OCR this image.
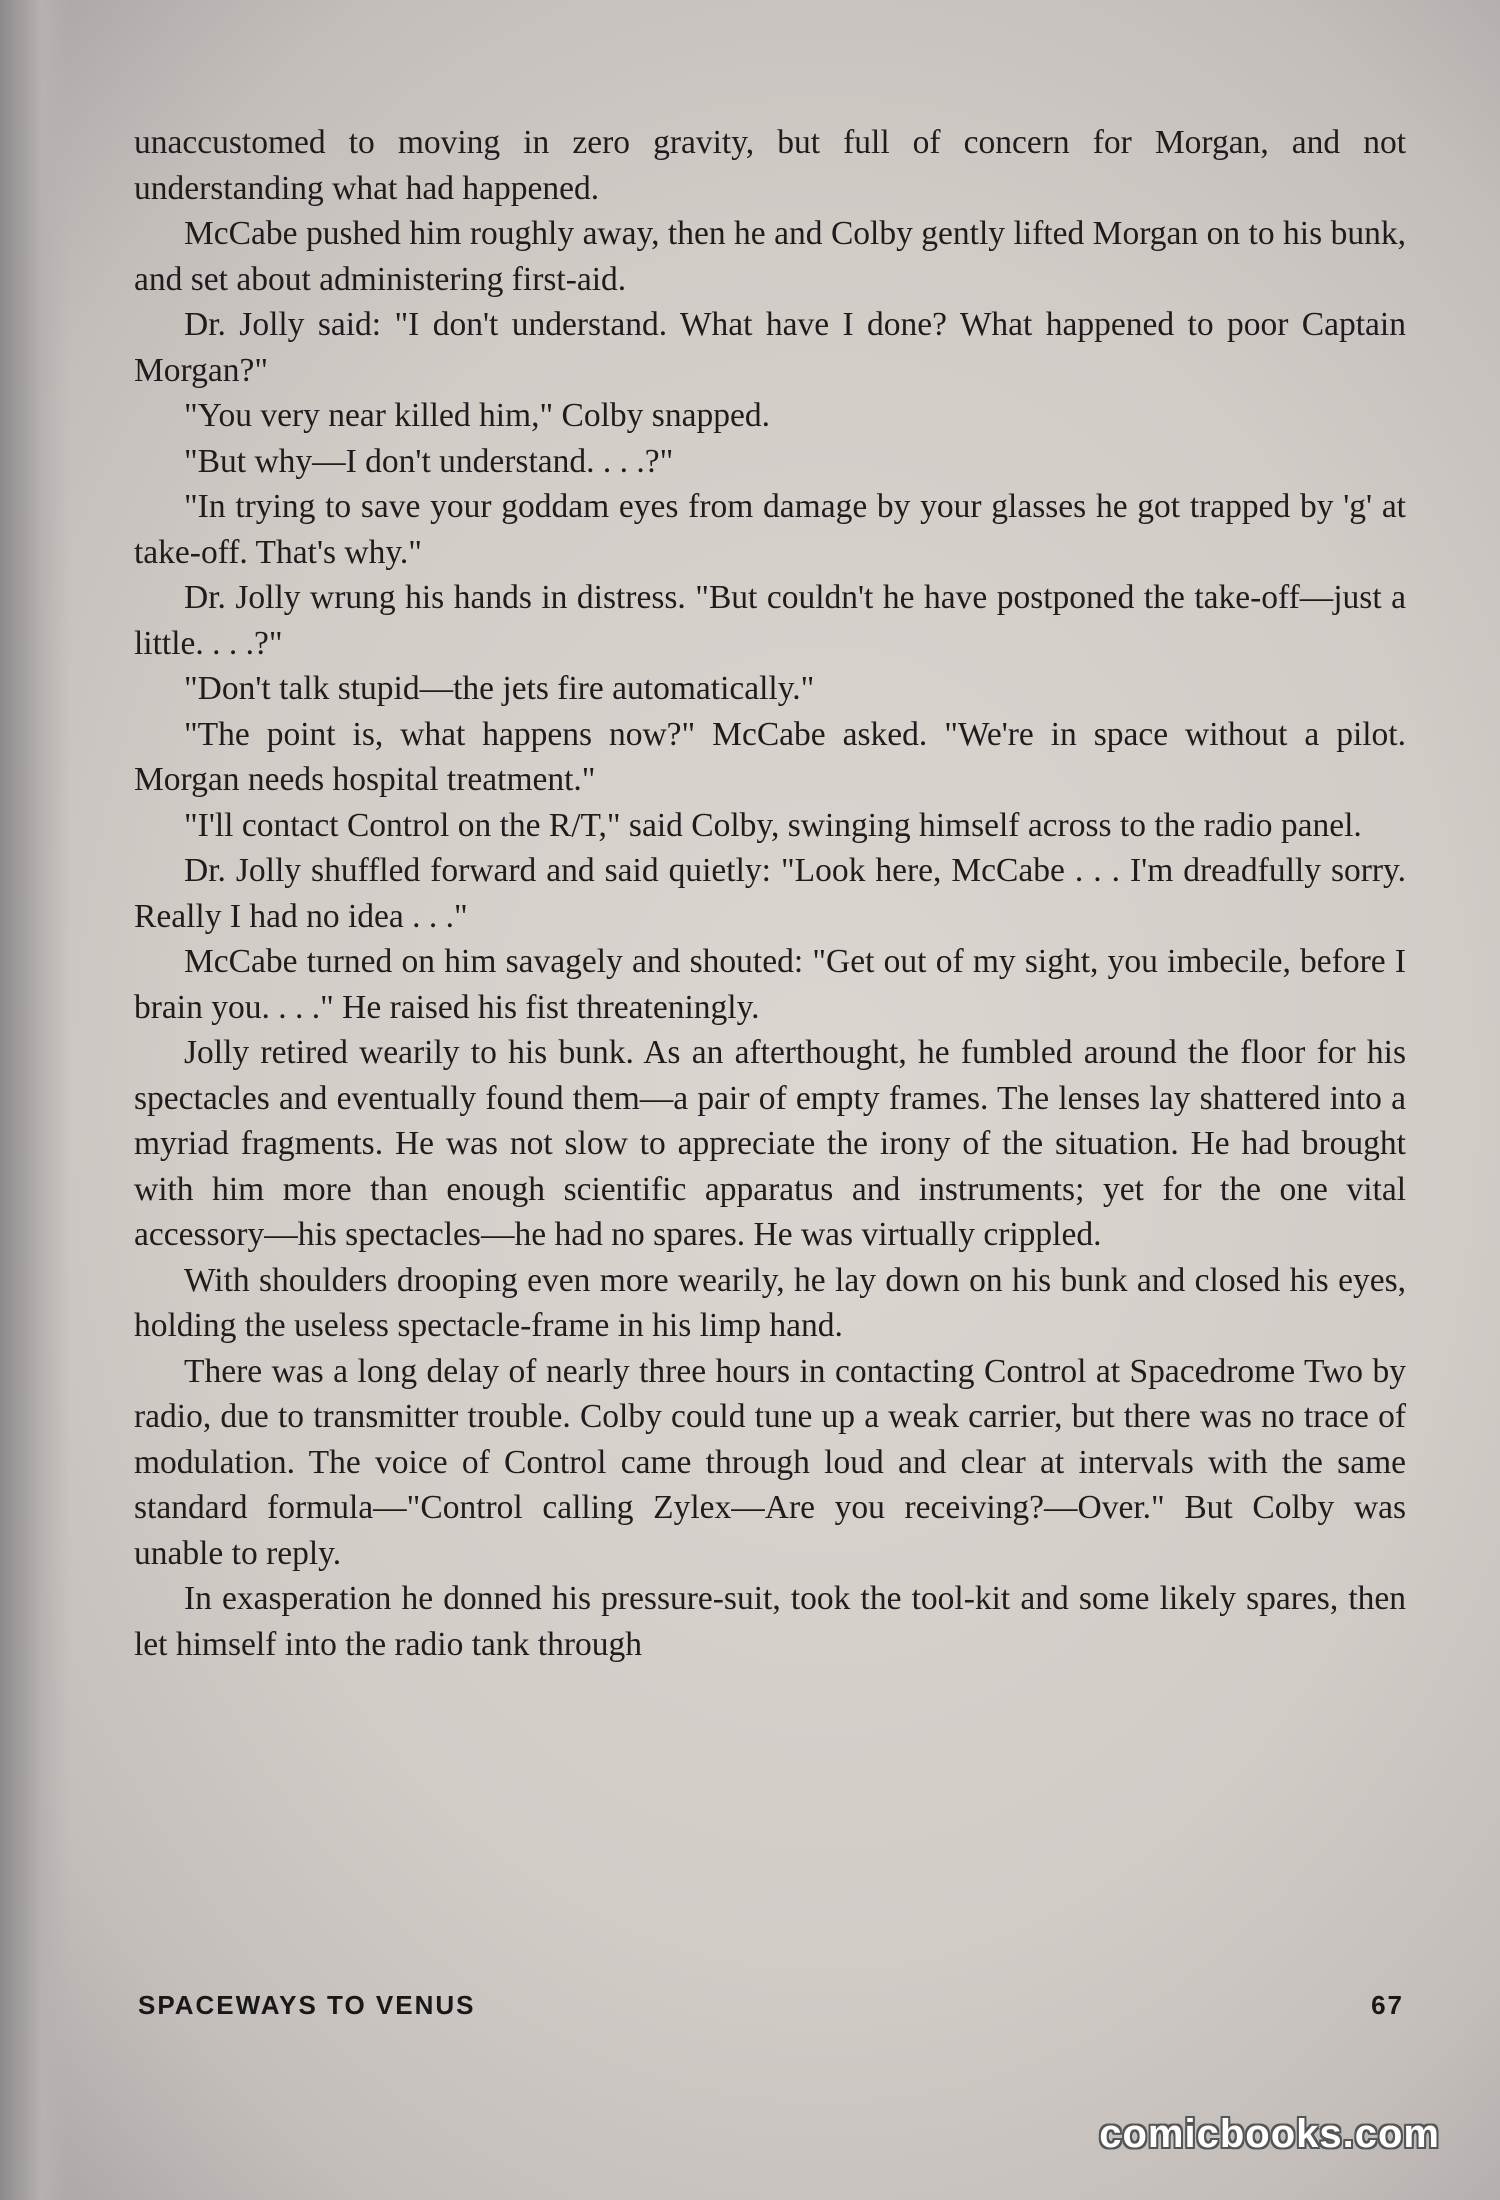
unaccustomed to moving in zero gravity, but full of concern for Morgan, and not understanding what had happened.

McCabe pushed him roughly away, then he and Colby gently lifted Morgan on to his bunk, and set about administering first-aid.

Dr. Jolly said: "I don't understand. What have I done? What happened to poor Captain Morgan?"

"You very near killed him," Colby snapped.

"But why—I don't understand. . . .?"

"In trying to save your goddam eyes from damage by your glasses he got trapped by 'g' at take-off. That's why."

Dr. Jolly wrung his hands in distress. "But couldn't he have postponed the take-off—just a little. . . .?"

"Don't talk stupid—the jets fire automatically."

"The point is, what happens now?" McCabe asked. "We're in space without a pilot. Morgan needs hospital treatment."

"I'll contact Control on the R/T," said Colby, swinging himself across to the radio panel.

Dr. Jolly shuffled forward and said quietly: "Look here, McCabe . . . I'm dreadfully sorry. Really I had no idea . . ."

McCabe turned on him savagely and shouted: "Get out of my sight, you imbecile, before I brain you. . . ." He raised his fist threateningly.

Jolly retired wearily to his bunk. As an afterthought, he fumbled around the floor for his spectacles and eventually found them—a pair of empty frames. The lenses lay shattered into a myriad fragments. He was not slow to appreciate the irony of the situation. He had brought with him more than enough scientific apparatus and instruments; yet for the one vital accessory—his spectacles—he had no spares. He was virtually crippled.

With shoulders drooping even more wearily, he lay down on his bunk and closed his eyes, holding the useless spectacle-frame in his limp hand.

There was a long delay of nearly three hours in contacting Control at Spacedrome Two by radio, due to transmitter trouble. Colby could tune up a weak carrier, but there was no trace of modulation. The voice of Control came through loud and clear at intervals with the same standard formula—"Control calling Zylex—Are you receiving?—Over." But Colby was unable to reply.

In exasperation he donned his pressure-suit, took the tool-kit and some likely spares, then let himself into the radio tank through

SPACEWAYS TO VENUS	67
comicbooks.com
